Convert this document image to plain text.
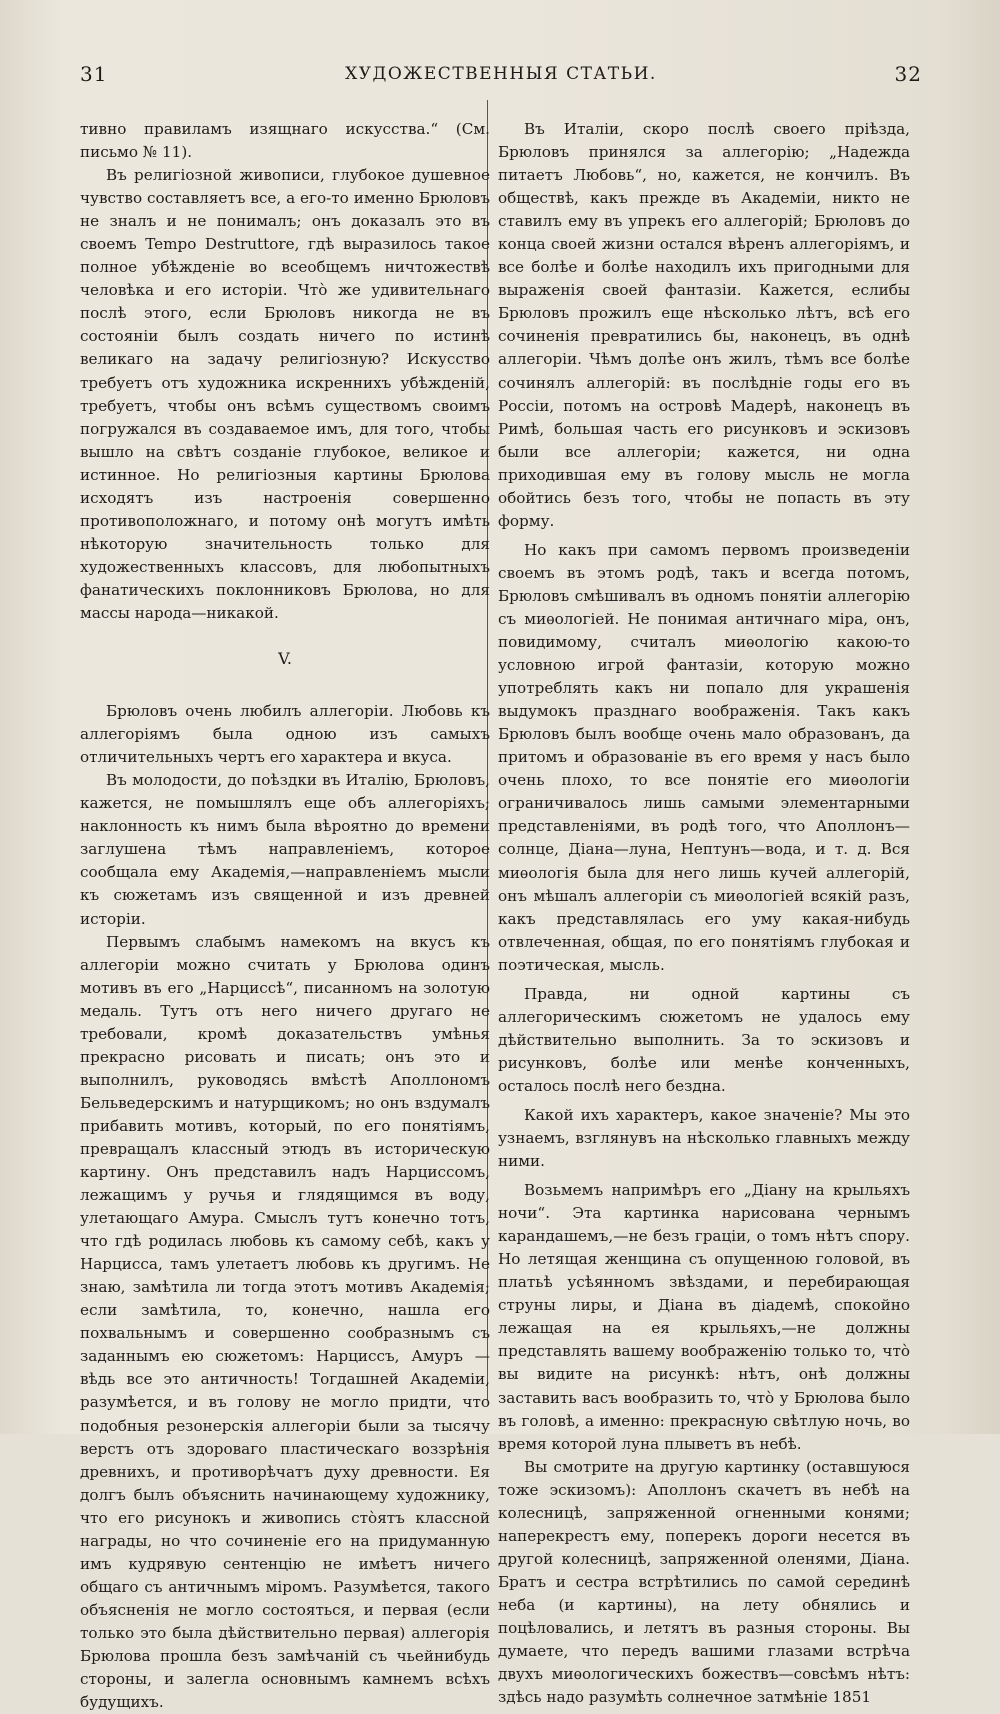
31	ХУДОЖЕСТВЕННЫЯ СТАТЬИ.	32

тивно правиламъ изящнаго искусства.“ (См. письмо № 11).

Въ религіозной живописи, глубокое душевное чувство составляетъ все, а его-то именно Брюловъ не зналъ и не понималъ; онъ доказалъ это въ своемъ Tempo Destruttore, гдѣ выразилось такое полное убѣжденіе во всеобщемъ ничтожествѣ человѣка и его исторіи. Чтò же удивительнаго послѣ этого, если Брюловъ никогда не въ состояніи былъ создать ничего по истинѣ великаго на задачу религіозную? Искусство требуетъ отъ художника искреннихъ убѣжденій, требуетъ, чтобы онъ всѣмъ существомъ своимъ погружался въ создаваемое имъ, для того, чтобы вышло на свѣтъ созданіе глубокое, великое и истинное. Но религіозныя картины Брюлова исходятъ изъ настроенія совершенно противоположнаго, и потому онѣ могутъ имѣть нѣкоторую значительность только для художественныхъ классовъ, для любопытныхъ фанатическихъ поклонниковъ Брюлова, но для массы народа—никакой.

V.

Брюловъ очень любилъ аллегоріи. Любовь къ аллегоріямъ была одною изъ самыхъ отличительныхъ чертъ его характера и вкуса.

Въ молодости, до поѣздки въ Италію, Брюловъ, кажется, не помышлялъ еще объ аллегоріяхъ; наклонность къ нимъ была вѣроятно до времени заглушена тѣмъ направленіемъ, которое сообщала ему Академія,—направленіемъ мысли къ сюжетамъ изъ священной и изъ древней исторіи.

Первымъ слабымъ намекомъ на вкусъ къ аллегоріи можно считать у Брюлова одинъ мотивъ въ его „Нарциссѣ“, писанномъ на золотую медаль. Тутъ отъ него ничего другаго не требовали, кромѣ доказательствъ умѣнья прекрасно рисовать и писать; онъ это и выполнилъ, руководясь вмѣстѣ Аполлономъ Бельведерскимъ и натурщикомъ; но онъ вздумалъ прибавить мотивъ, который, по его понятіямъ, превращалъ классный этюдъ въ историческую картину. Онъ представилъ надъ Нарциссомъ, лежащимъ у ручья и глядящимся въ воду, улетающаго Амура. Смыслъ тутъ конечно тотъ, что гдѣ родилась любовь къ самому себѣ, какъ у Нарцисса, тамъ улетаетъ любовь къ другимъ. Не знаю, замѣтила ли тогда этотъ мотивъ Академія; если замѣтила, то, конечно, нашла его похвальнымъ и совершенно сообразнымъ съ заданнымъ ею сюжетомъ: Нарциссъ, Амуръ — вѣдь все это античность! Тогдашней Академіи, разумѣется, и въ голову не могло придти, что подобныя резонерскія аллегоріи были за тысячу верстъ отъ здороваго пластическаго воззрѣнія древнихъ, и противорѣчатъ духу древности. Ея долгъ былъ объяснить начинающему художнику, что его рисунокъ и живопись стòятъ классной награды, но что сочиненіе его на придуманную имъ кудрявую сентенцію не имѣетъ ничего общаго съ античнымъ міромъ. Разумѣется, такого объясненія не могло состояться, и первая (если только это была дѣйствительно первая) аллегорія Брюлова прошла безъ замѣчаній съ чьейнибудь стороны, и залегла основнымъ камнемъ всѣхъ будущихъ.

Въ Италіи, скоро послѣ своего пріѣзда, Брюловъ принялся за аллегорію; „Надежда питаетъ Любовь“, но, кажется, не кончилъ. Въ обществѣ, какъ прежде въ Академіи, никто не ставилъ ему въ упрекъ его аллегорій; Брюловъ до конца своей жизни остался вѣренъ аллегоріямъ, и все болѣе и болѣе находилъ ихъ пригодными для выраженія своей фантазіи. Кажется, еслибы Брюловъ прожилъ еще нѣсколько лѣтъ, всѣ его сочиненія превратились бы, наконецъ, въ однѣ аллегоріи. Чѣмъ долѣе онъ жилъ, тѣмъ все болѣе сочинялъ аллегорій: въ послѣдніе годы его въ Россіи, потомъ на островѣ Мадерѣ, наконецъ въ Римѣ, большая часть его рисунковъ и эскизовъ были все аллегоріи; кажется, ни одна приходившая ему въ голову мысль не могла обойтись безъ того, чтобы не попасть въ эту форму.

Но какъ при самомъ первомъ произведеніи своемъ въ этомъ родѣ, такъ и всегда потомъ, Брюловъ смѣшивалъ въ одномъ понятіи аллегорію съ миѳологіей. Не понимая античнаго міра, онъ, повидимому, считалъ миѳологію какою-то условною игрой фантазіи, которую можно употреблять какъ ни попало для украшенія выдумокъ празднаго воображенія. Такъ какъ Брюловъ былъ вообще очень мало образованъ, да притомъ и образованіе въ его время у насъ было очень плохо, то все понятіе его миѳологіи ограничивалось лишь самыми элементарными представленіями, въ родѣ того, что Аполлонъ—солнце, Діана—луна, Нептунъ—вода, и т. д. Вся миѳологія была для него лишь кучей аллегорій, онъ мѣшалъ аллегоріи съ миѳологіей всякій разъ, какъ представлялась его уму какая-нибудь отвлеченная, общая, по его понятіямъ глубокая и поэтическая, мысль.

Правда, ни одной картины съ аллегорическимъ сюжетомъ не удалось ему дѣйствительно выполнить. За то эскизовъ и рисунковъ, болѣе или менѣе конченныхъ, осталось послѣ него бездна.

Какой ихъ характеръ, какое значеніе? Мы это узнаемъ, взглянувъ на нѣсколько главныхъ между ними.

Возьмемъ напримѣръ его „Діану на крыльяхъ ночи“. Эта картинка нарисована чернымъ карандашемъ,—не безъ граціи, о томъ нѣтъ спору. Но летящая женщина съ опущенною головой, въ платьѣ усѣянномъ звѣздами, и перебирающая струны лиры, и Діана въ діадемѣ, спокойно лежащая на ея крыльяхъ,—не должны представлять вашему воображенію только то, чтò вы видите на рисункѣ: нѣтъ, онѣ должны заставить васъ вообразить то, чтò у Брюлова было въ головѣ, а именно: прекрасную свѣтлую ночь, во время которой луна плыветъ въ небѣ.

Вы смотрите на другую картинку (оставшуюся тоже эскизомъ): Аполлонъ скачетъ въ небѣ на колесницѣ, запряженной огненными конями; наперекрестъ ему, поперекъ дороги несется въ другой колесницѣ, запряженной оленями, Діана. Братъ и сестра встрѣтились по самой серединѣ неба (и картины), на лету обнялись и поцѣловались, и летятъ въ разныя стороны. Вы думаете, что передъ вашими глазами встрѣча двухъ миѳологическихъ божествъ—совсѣмъ нѣтъ: здѣсь надо разумѣть солнечное затмѣніе 1851
